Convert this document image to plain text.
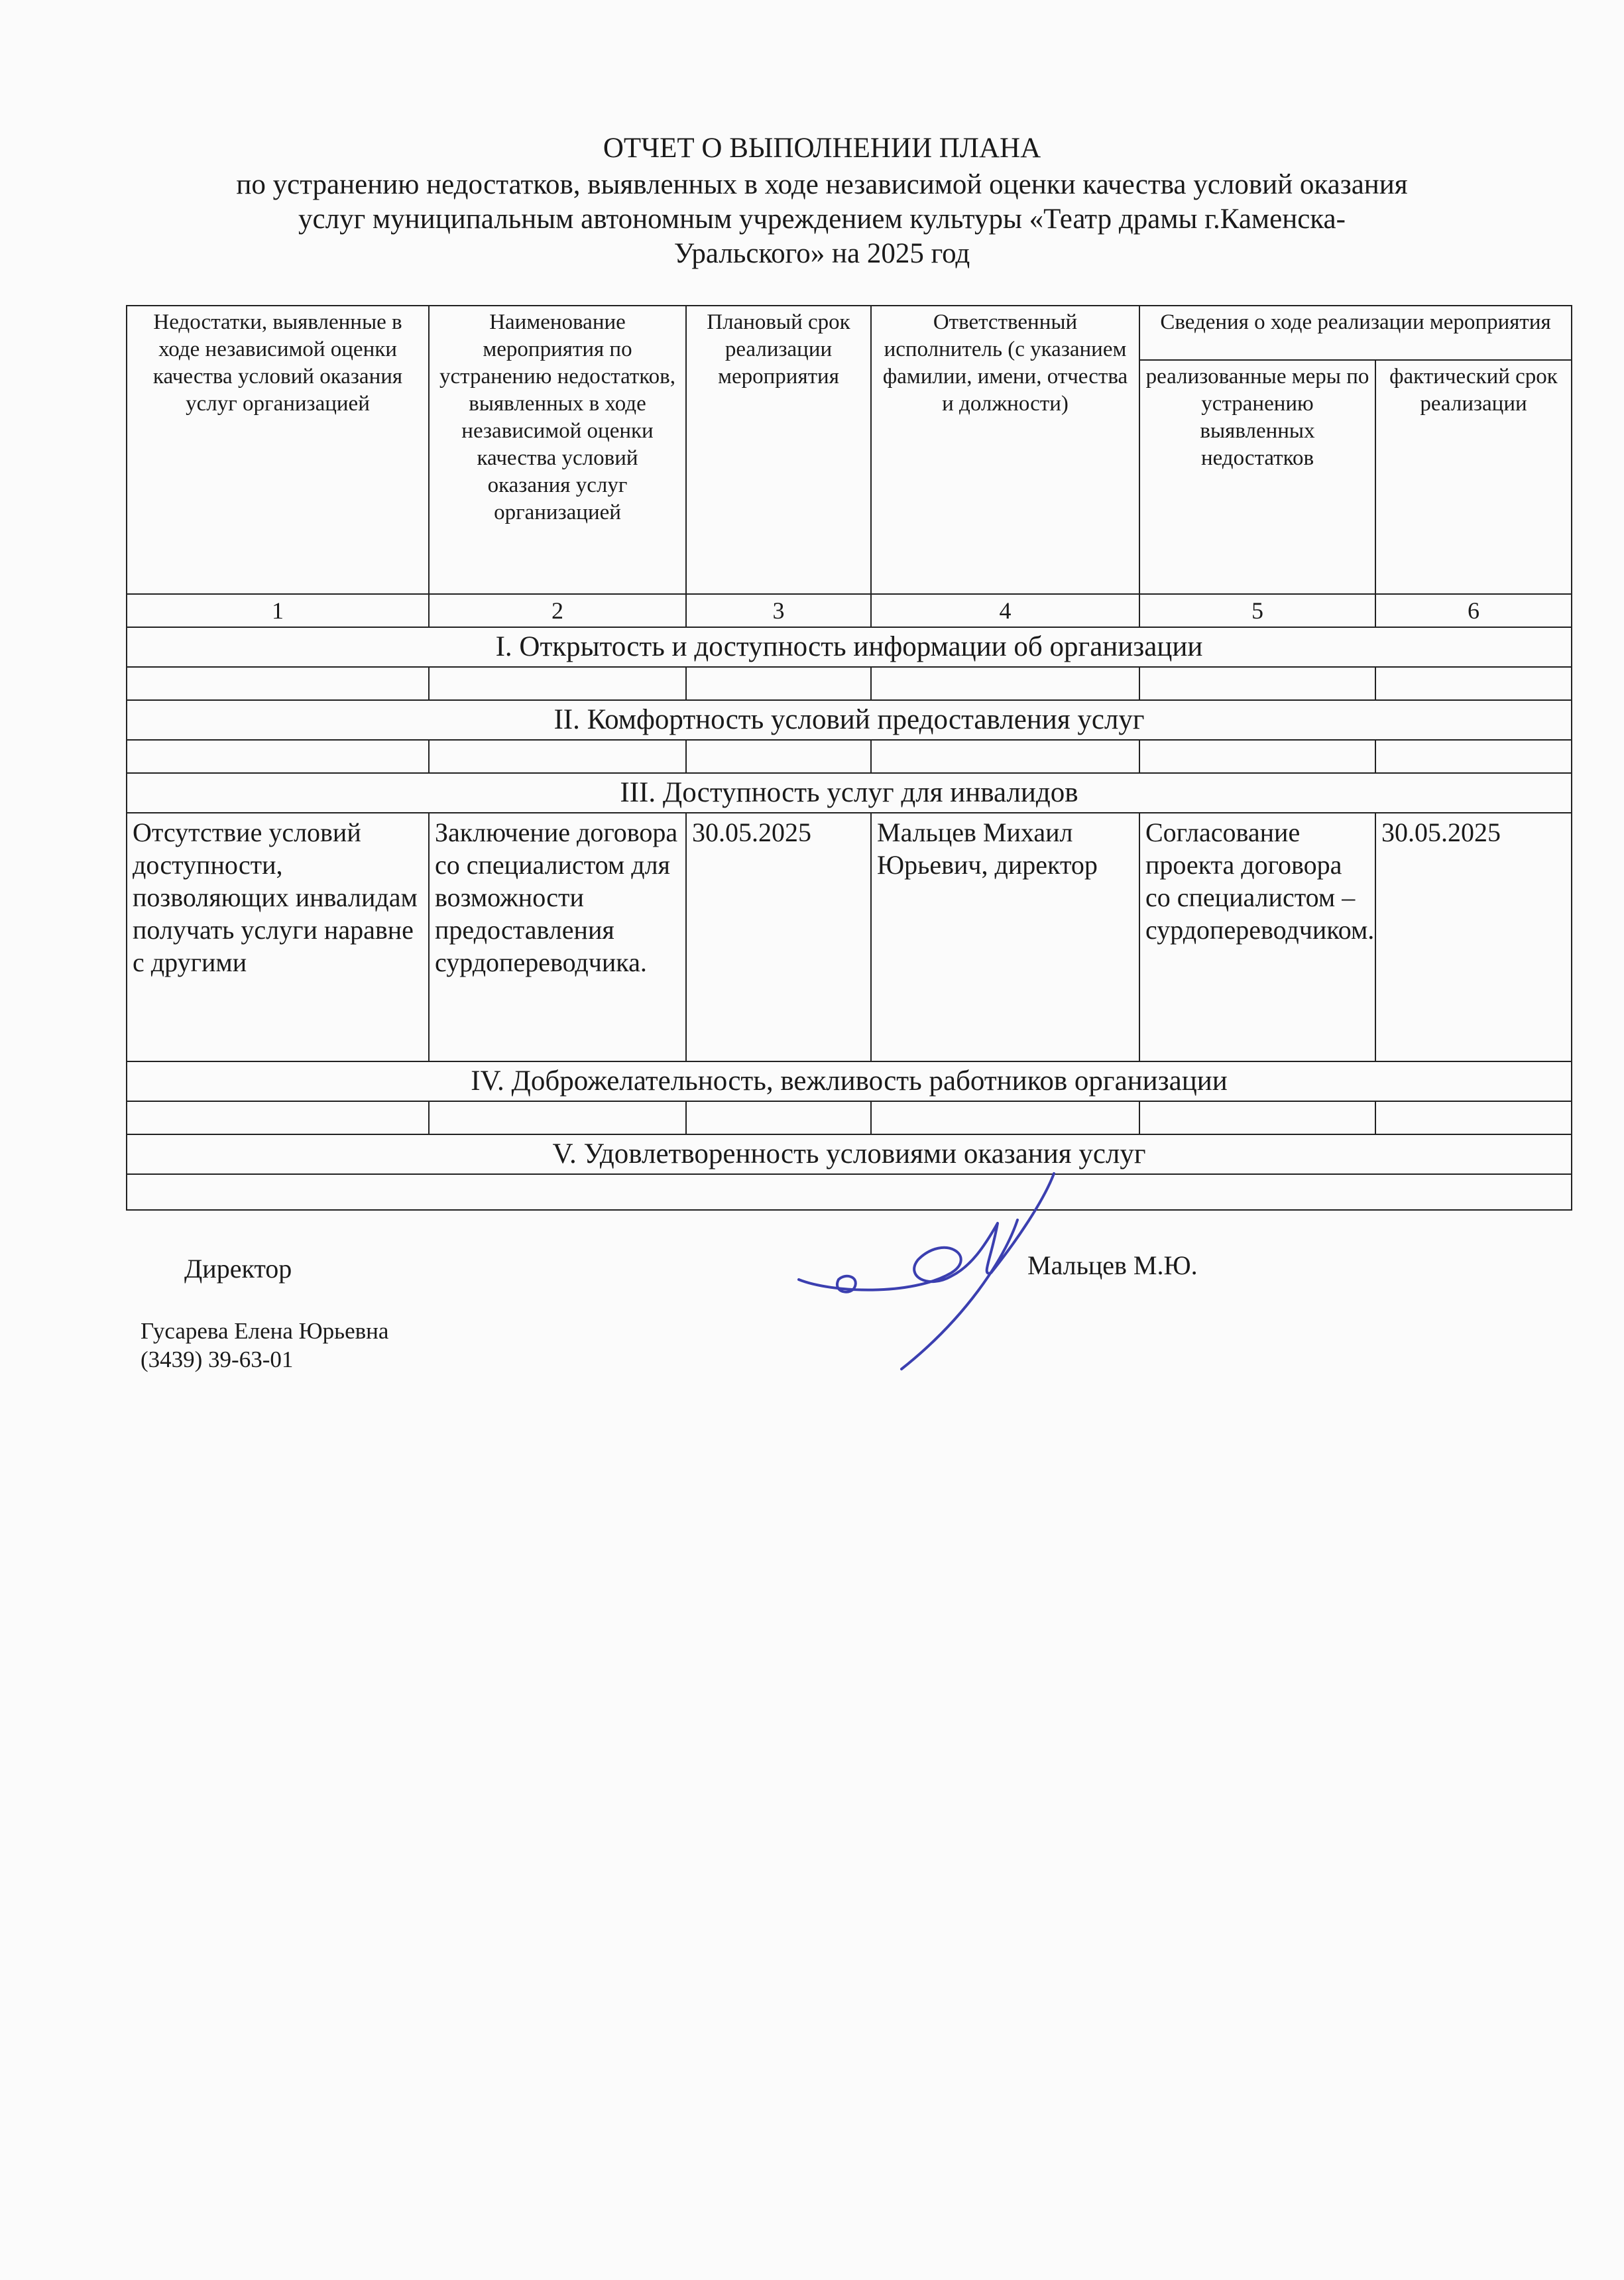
ОТЧЕТ О ВЫПОЛНЕНИИ ПЛАНА
по устранению недостатков, выявленных в ходе независимой оценки качества условий оказания
услуг муниципальным автономным учреждением культуры «Театр драмы г.Каменска-
Уральского» на 2025 год
Недостатки, выявленные в ходе независимой оценки качества условий оказания услуг организацией	Наименование мероприятия по устранению недостатков, выявленных в ходе независимой оценки качества условий оказания услуг организацией	Плановый срок реализации мероприятия	Ответственный исполнитель (с указанием фамилии, имени, отчества и должности)	Сведения о ходе реализации мероприятия	
				реализованные меры по устранению выявленных недостатков	фактический срок реализации
1	2	3	4	5	6
I. Открытость и доступность информации об организации					

II. Комфортность условий предоставления услуг					

III. Доступность услуг для инвалидов					
Отсутствие условий доступности, позволяющих инвалидам получать услуги наравне с другими	Заключение договора со специалистом для возможности предоставления сурдопереводчика.	30.05.2025	Мальцев Михаил Юрьевич, директор	Согласование проекта договора со специалистом – сурдопереводчиком.	30.05.2025
IV. Доброжелательность, вежливость работников организации					

V. Удовлетворенность условиями оказания услуг					

Директор	Мальцев М.Ю.
Гусарева Елена Юрьевна
(3439) 39-63-01
